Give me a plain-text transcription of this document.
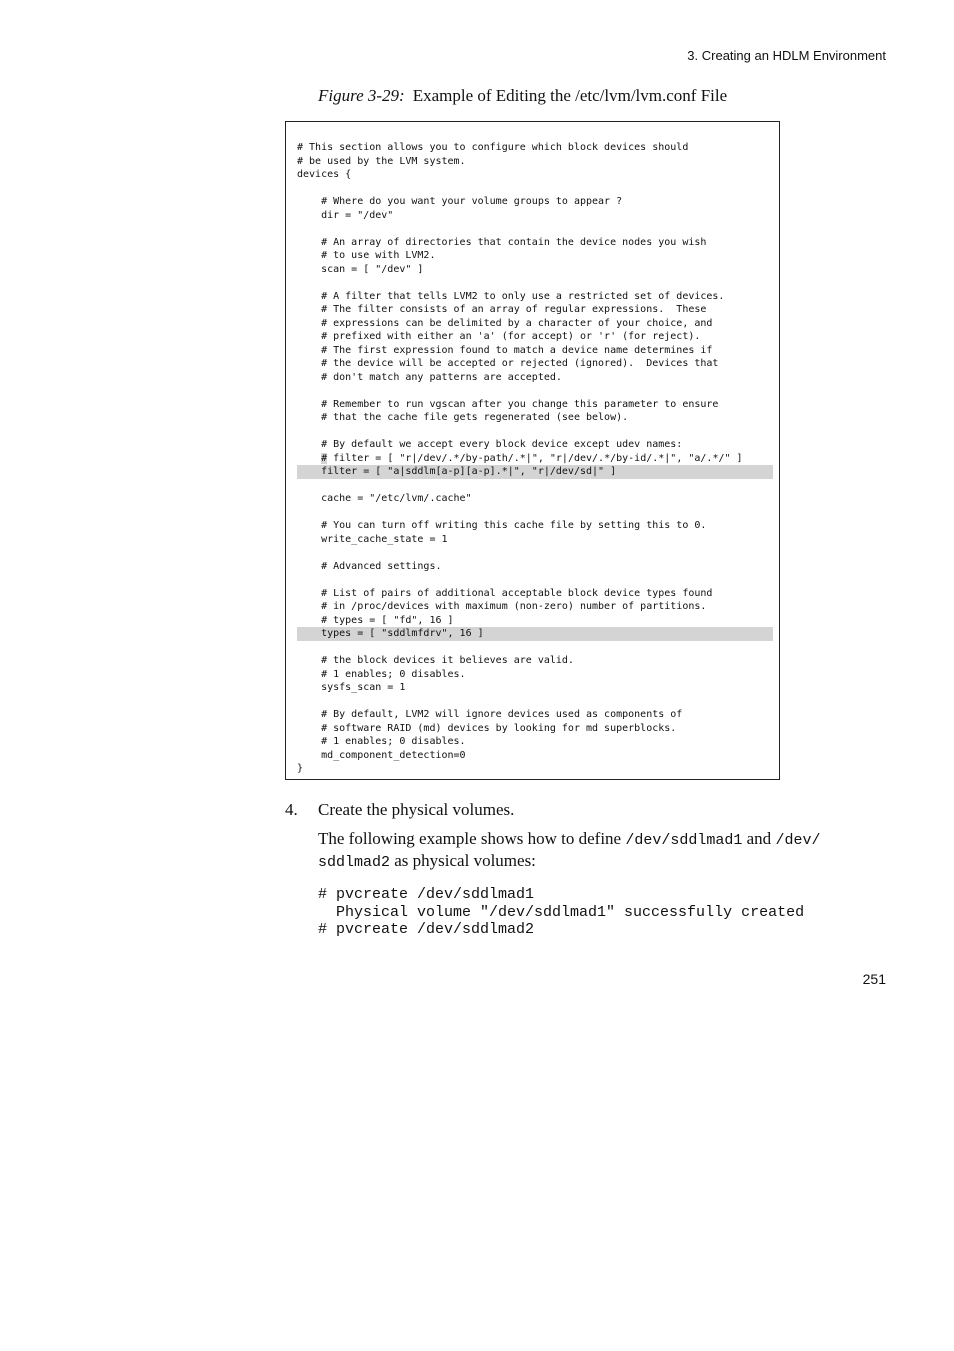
3. Creating an HDLM Environment
Figure 3-29: Example of Editing the /etc/lvm/lvm.conf File
# This section allows you to configure which block devices should
# be used by the LVM system.
devices {
# Where do you want your volume groups to appear ?
dir = "/dev"
# An array of directories that contain the device nodes you wish
# to use with LVM2.
scan = [ "/dev" ]
# A filter that tells LVM2 to only use a restricted set of devices.
# The filter consists of an array of regular expressions.  These
# expressions can be delimited by a character of your choice, and
# prefixed with either an 'a' (for accept) or 'r' (for reject).
# The first expression found to match a device name determines if
# the device will be accepted or rejected (ignored).  Devices that
# don't match any patterns are accepted.
# Remember to run vgscan after you change this parameter to ensure
# that the cache file gets regenerated (see below).
# By default we accept every block device except udev names:
# filter = [ "r|/dev/.*/by-path/.*|", "r|/dev/.*/by-id/.*|", "a/.*/" ]
filter = [ "a|sddlm[a-p][a-p].*|", "r|/dev/sd|" ]
cache = "/etc/lvm/.cache"
# You can turn off writing this cache file by setting this to 0.
write_cache_state = 1
# Advanced settings.
# List of pairs of additional acceptable block device types found
# in /proc/devices with maximum (non-zero) number of partitions.
# types = [ "fd", 16 ]
types = [ "sddlmfdrv", 16 ]
# the block devices it believes are valid.
# 1 enables; 0 disables.
sysfs_scan = 1
# By default, LVM2 will ignore devices used as components of
# software RAID (md) devices by looking for md superblocks.
# 1 enables; 0 disables.
md_component_detection=0
}
4. Create the physical volumes.
The following example shows how to define /dev/sddlmad1 and /dev/
sddlmad2 as physical volumes:
# pvcreate /dev/sddlmad1
Physical volume "/dev/sddlmad1" successfully created
# pvcreate /dev/sddlmad2
251
